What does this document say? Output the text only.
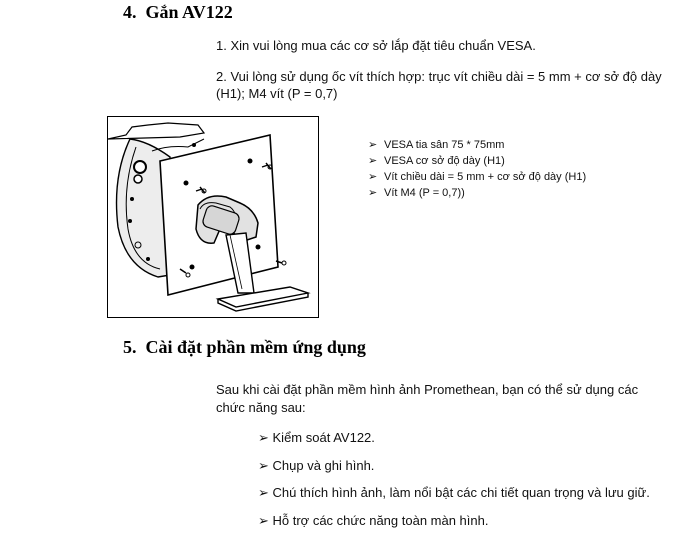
4. Gắn AV122
1. Xin vui lòng mua các cơ sở lắp đặt tiêu chuẩn VESA.
2. Vui lòng sử dụng ốc vít thích hợp: trục vít chiều dài = 5 mm + cơ sở độ dày
(H1); M4 vít (P = 0,7)
➢ VESA tia sân 75 * 75mm
➢ VESA cơ sở độ dày (H1)
➢ Vít chiều dài = 5 mm + cơ sở độ dày (H1)
➢ Vít M4 (P = 0,7))
5. Cài đặt phần mềm ứng dụng
Sau khi cài đặt phần mềm hình ảnh Promethean, bạn có thể sử dụng các
chức năng sau:
➢ Kiểm soát AV122.
➢ Chụp và ghi hình.
➢ Chú thích hình ảnh, làm nổi bật các chi tiết quan trọng và lưu giữ.
➢ Hỗ trợ các chức năng toàn màn hình.
